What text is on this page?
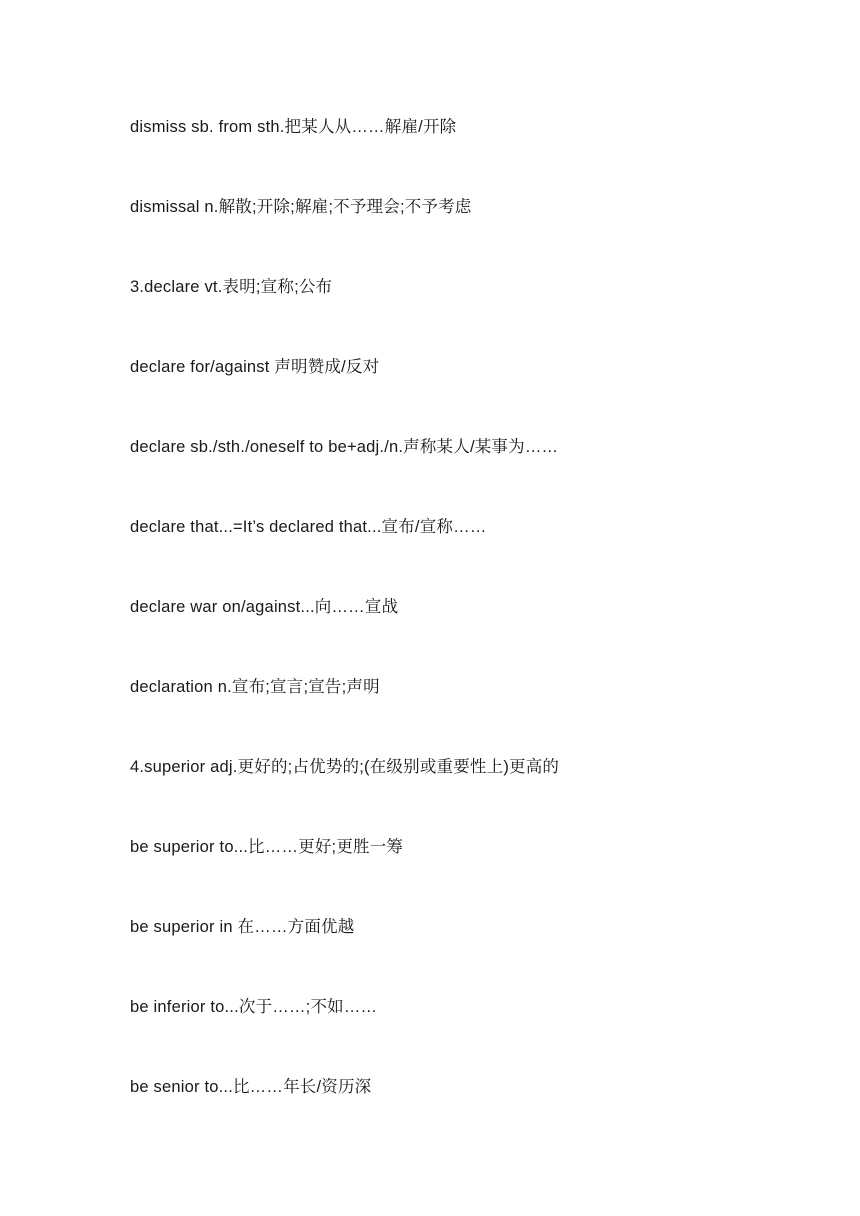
dismiss sb. from sth.把某人从……解雇/开除
dismissal n.解散;开除;解雇;不予理会;不予考虑
3.declare vt.表明;宣称;公布
declare for/against 声明赞成/反对
declare sb./sth./oneself to be+adj./n.声称某人/某事为……
declare that...=It’s declared that...宣布/宣称……
declare war on/against...向……宣战
declaration n.宣布;宣言;宣告;声明
4.superior adj.更好的;占优势的;(在级别或重要性上)更高的
be superior to...比……更好;更胜一筹
be superior in 在……方面优越
be inferior to...次于……;不如……
be senior to...比……年长/资历深
